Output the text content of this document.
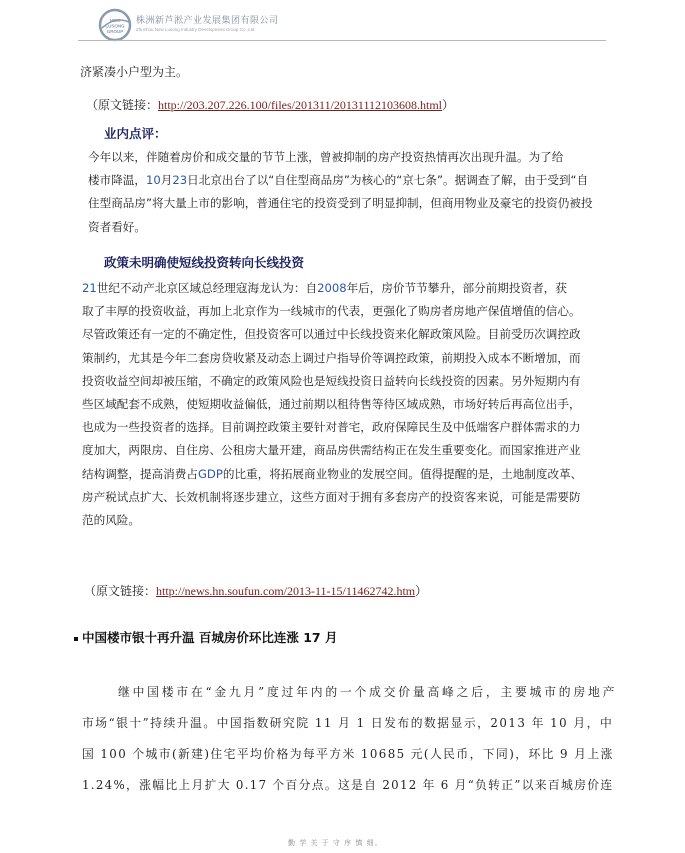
NEW
LUSONG
GROUP
株洲新芦淞产业发展集团有限公司
Zhuzhou New Lusong Industry Development Group Co.,Ltd
济紧凑小户型为主。
（原文链接：http://203.207.226.100/files/201311/20131112103608.html）
业内点评：
今年以来，伴随着房价和成交量的节节上涨，曾被抑制的房产投资热情再次出现升温。为了给
楼市降温，10月23日北京出台了以“自住型商品房”为核心的“京七条”。据调查了解，由于受到“自
住型商品房”将大量上市的影响，普通住宅的投资受到了明显抑制，但商用物业及豪宅的投资仍被投
资者看好。
政策未明确使短线投资转向长线投资
21世纪不动产北京区域总经理寇海龙认为：自2008年后，房价节节攀升，部分前期投资者，获
取了丰厚的投资收益，再加上北京作为一线城市的代表，更强化了购房者房地产保值增值的信心。
尽管政策还有一定的不确定性，但投资客可以通过中长线投资来化解政策风险。目前受历次调控政
策制约，尤其是今年二套房贷收紧及动态上调过户指导价等调控政策，前期投入成本不断增加，而
投资收益空间却被压缩，不确定的政策风险也是短线投资日益转向长线投资的因素。另外短期内有
些区域配套不成熟，使短期收益偏低，通过前期以租待售等待区域成熟，市场好转后再高位出手，
也成为一些投资者的选择。目前调控政策主要针对普宅，政府保障民生及中低端客户群体需求的力
度加大，两限房、自住房、公租房大量开建，商品房供需结构正在发生重要变化。而国家推进产业
结构调整，提高消费占GDP的比重，将拓展商业物业的发展空间。值得提醒的是，土地制度改革、
房产税试点扩大、长效机制将逐步建立，这些方面对于拥有多套房产的投资客来说，可能是需要防
范的风险。
（原文链接：http://news.hn.soufun.com/2013-11-15/11462742.htm）
中国楼市银十再升温 百城房价环比连涨 17 月
继中国楼市在“金九月”度过年内的一个成交价量高峰之后，主要城市的房地产
市场“银十”持续升温。中国指数研究院 11 月 1 日发布的数据显示，2013 年 10 月，中
国 100 个城市(新建)住宅平均价格为每平方米 10685 元(人民币，下同)，环比 9 月上涨
1.24%，涨幅比上月扩大 0.17 个百分点。这是自 2012 年 6 月“负转正”以来百城房价连
勤 学 关 于 守 序 慎 细。
